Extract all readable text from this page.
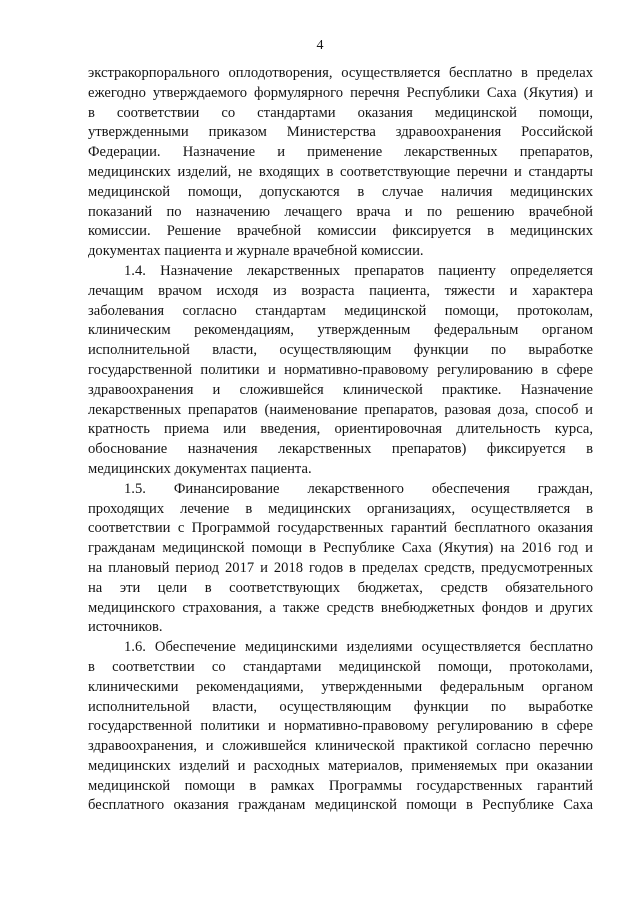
4

экстракорпорального оплодотворения, осуществляется бесплатно в пределах
ежегодно утверждаемого формулярного перечня Республики Саха (Якутия) и
в соответствии со стандартами оказания медицинской помощи,
утвержденными приказом Министерства здравоохранения Российской
Федерации. Назначение и применение лекарственных препаратов,
медицинских изделий, не входящих в соответствующие перечни и стандарты
медицинской помощи, допускаются в случае наличия медицинских
показаний по назначению лечащего врача и по решению врачебной
комиссии. Решение врачебной комиссии фиксируется в медицинских
документах пациента и журнале врачебной комиссии.

1.4. Назначение лекарственных препаратов пациенту определяется
лечащим врачом исходя из возраста пациента, тяжести и характера
заболевания согласно стандартам медицинской помощи, протоколам,
клиническим рекомендациям, утвержденным федеральным органом
исполнительной власти, осуществляющим функции по выработке
государственной политики и нормативно-правовому регулированию в сфере
здравоохранения и сложившейся клинической практике. Назначение
лекарственных препаратов (наименование препаратов, разовая доза, способ и
кратность приема или введения, ориентировочная длительность курса,
обоснование назначения лекарственных препаратов) фиксируется в
медицинских документах пациента.

1.5. Финансирование лекарственного обеспечения граждан,
проходящих лечение в медицинских организациях, осуществляется в
соответствии с Программой государственных гарантий бесплатного оказания
гражданам медицинской помощи в Республике Саха (Якутия) на 2016 год и
на плановый период 2017 и 2018 годов в пределах средств, предусмотренных
на эти цели в соответствующих бюджетах, средств обязательного
медицинского страхования, а также средств внебюджетных фондов и других
источников.

1.6. Обеспечение медицинскими изделиями осуществляется бесплатно
в соответствии со стандартами медицинской помощи, протоколами,
клиническими рекомендациями, утвержденными федеральным органом
исполнительной власти, осуществляющим функции по выработке
государственной политики и нормативно-правовому регулированию в сфере
здравоохранения, и сложившейся клинической практикой согласно перечню
медицинских изделий и расходных материалов, применяемых при оказании
медицинской помощи в рамках Программы государственных гарантий
бесплатного оказания гражданам медицинской помощи в Республике Саха
